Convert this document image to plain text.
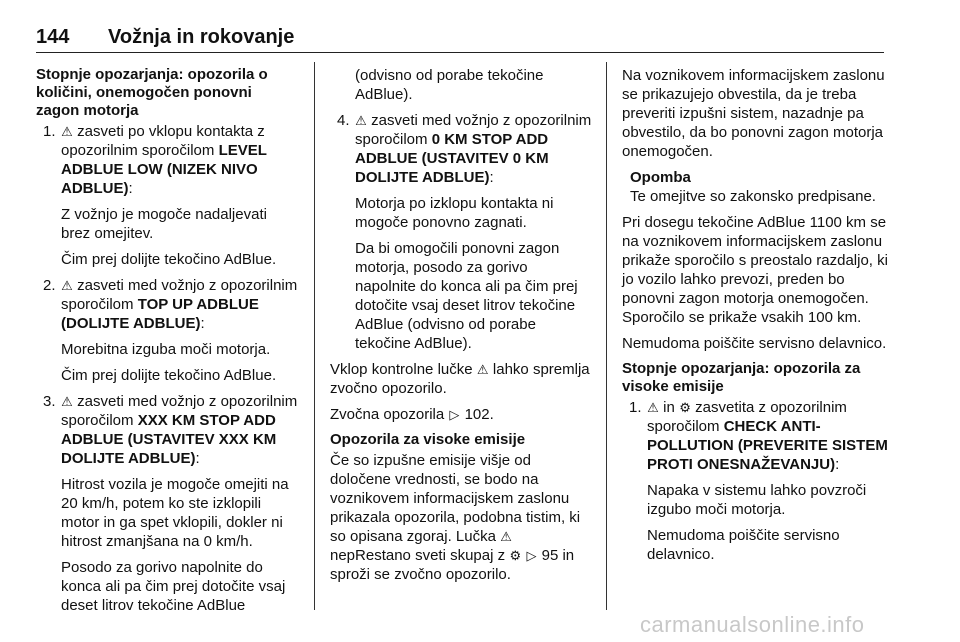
144 Vožnja in rokovanje

Stopnje opozarjanja: opozorila o količini, onemogočen ponovni zagon motorja

1. ⚠ zasveti po vklopu kontakta z opozorilnim sporočilom LEVEL ADBLUE LOW (NIZEK NIVO ADBLUE):

Z vožnjo je mogoče nadaljevati brez omejitev.

Čim prej dolijte tekočino AdBlue.

2. ⚠ zasveti med vožnjo z opozorilnim sporočilom TOP UP ADBLUE (DOLIJTE ADBLUE):

Morebitna izguba moči motorja.

Čim prej dolijte tekočino AdBlue.

3. ⚠ zasveti med vožnjo z opozorilnim sporočilom XXX KM STOP ADD ADBLUE (USTAVITEV XXX KM DOLIJTE ADBLUE):

Hitrost vozila je mogoče omejiti na 20 km/h, potem ko ste izklopili motor in ga spet vklopili, dokler ni hitrost zmanjšana na 0 km/h.

Posodo za gorivo napolnite do konca ali pa čim prej dotočite vsaj deset litrov tekočine AdBlue

(odvisno od porabe tekočine AdBlue).

4. ⚠ zasveti med vožnjo z opozorilnim sporočilom 0 KM STOP ADD ADBLUE (USTAVITEV 0 KM DOLIJTE ADBLUE):

Motorja po izklopu kontakta ni mogoče ponovno zagnati.

Da bi omogočili ponovni zagon motorja, posodo za gorivo napolnite do konca ali pa čim prej dotočite vsaj deset litrov tekočine AdBlue (odvisno od porabe tekočine AdBlue).

Vklop kontrolne lučke ⚠ lahko spremlja zvočno opozorilo.

Zvočna opozorila ▷ 102.

Opozorila za visoke emisije

Če so izpušne emisije višje od določene vrednosti, se bodo na voznikovem informacijskem zaslonu prikazala opozorila, podobna tistim, ki so opisana zgoraj. Lučka ⚠ nepRestano sveti skupaj z ⚙ ▷ 95 in sproži se zvočno opozorilo.

Na voznikovem informacijskem zaslonu se prikazujejo obvestila, da je treba preveriti izpušni sistem, nazadnje pa obvestilo, da bo ponovni zagon motorja onemogočen.

Opomba
Te omejitve so zakonsko predpisane.

Pri dosegu tekočine AdBlue 1100 km se na voznikovem informacijskem zaslonu prikaže sporočilo s preostalo razdaljo, ki jo vozilo lahko prevozi, preden bo ponovni zagon motorja onemogočen. Sporočilo se prikaže vsakih 100 km.

Nemudoma poiščite servisno delavnico.

Stopnje opozarjanja: opozorila za visoke emisije

1. ⚠ in ⚙ zasvetita z opozorilnim sporočilom CHECK ANTI-POLLUTION (PREVERITE SISTEM PROTI ONESNAŽEVANJU):

Napaka v sistemu lahko povzroči izgubo moči motorja.

Nemudoma poiščite servisno delavnico.

carmanualsonline.info
